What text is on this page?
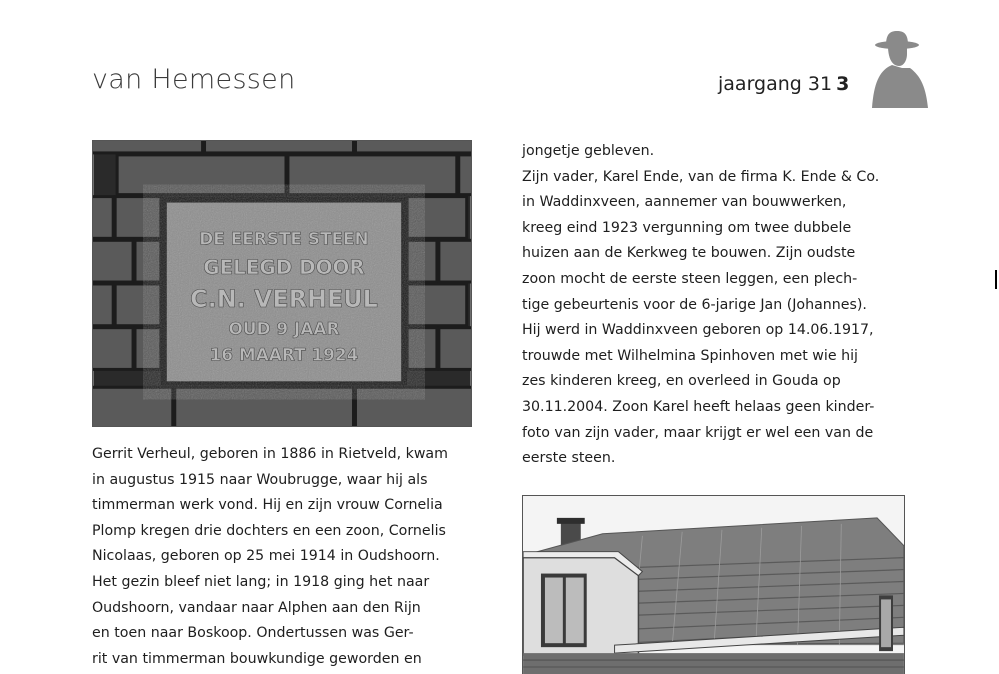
van Hemessen	jaargang 31 3
DE EERSTE STEEN
GELEGD DOOR
C.N. VERHEUL
OUD 9 JAAR
16 MAART 1924
Gerrit Verheul, geboren in 1886 in Rietveld, kwam
in augustus 1915 naar Woubrugge, waar hij als
timmerman werk vond. Hij en zijn vrouw Cornelia
Plomp kregen drie dochters en een zoon, Cornelis
Nicolaas, geboren op 25 mei 1914 in Oudshoorn.
Het gezin bleef niet lang; in 1918 ging het naar
Oudshoorn, vandaar naar Alphen aan den Rijn
en toen naar Boskoop. Ondertussen was Ger-
rit van timmerman bouwkundige geworden en
jongetje gebleven.
Zijn vader, Karel Ende, van de firma K. Ende & Co.
in Waddinxveen, aannemer van bouwwerken,
kreeg eind 1923 vergunning om twee dubbele
huizen aan de Kerkweg te bouwen. Zijn oudste
zoon mocht de eerste steen leggen, een plech-
tige gebeurtenis voor de 6-jarige Jan (Johannes).
Hij werd in Waddinxveen geboren op 14.06.1917,
trouwde met Wilhelmina Spinhoven met wie hij
zes kinderen kreeg, en overleed in Gouda op
30.11.2004. Zoon Karel heeft helaas geen kinder-
foto van zijn vader, maar krijgt er wel een van de
eerste steen.
